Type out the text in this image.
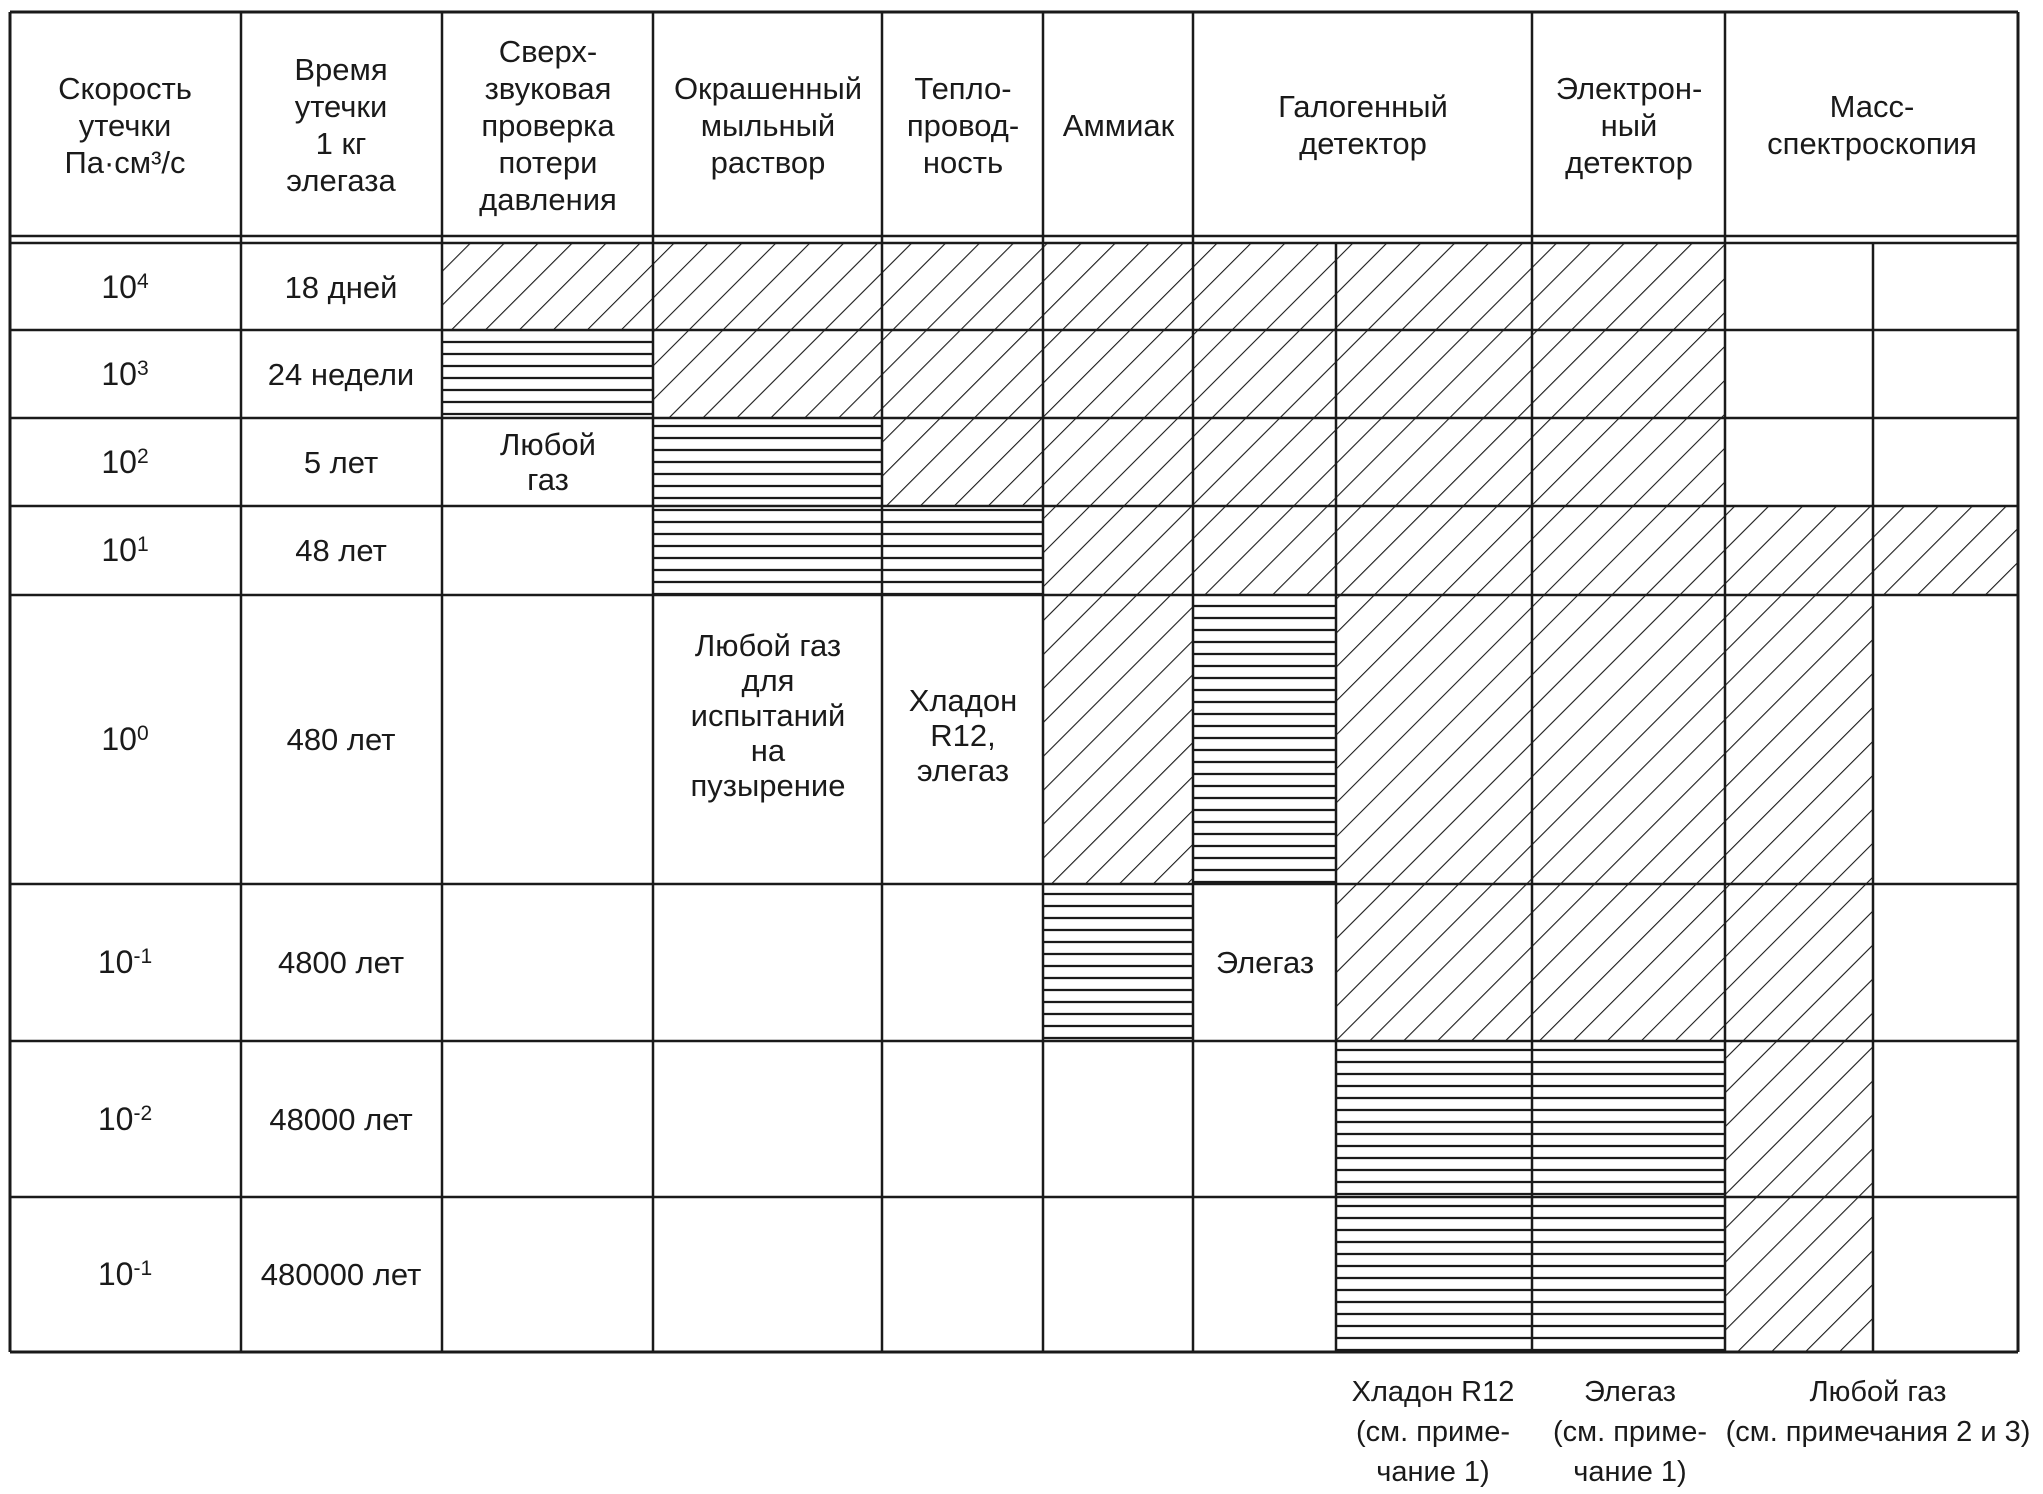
Скорость
утечки
Па·см³/с
Время
утечки
1 кг
элегаза
Сверх-
звуковая
проверка
потери
давления
Окрашенный
мыльный
раствор
Тепло-
провод-
ность
Аммиак
Галогенный
детектор
Электрон-
ный
детектор
Масс-
спектроскопия
$10^4$
$10^3$
$10^2$
$10^1$
$10^0$
$10^{-1}$
$10^{-2}$
$10^{-1}$
18 дней
24 недели
5 лет
48 лет
480 лет
4800 лет
48000 лет
480000 лет
Любой
газ
Любой газ
для
испытаний
на
пузырение
Хладон
R12,
элегаз
Элегаз
Хладон R12
(см. приме-
чание 1)
Элегаз
(см. приме-
чание 1)
Любой газ
(см. примечания 2 и 3)
